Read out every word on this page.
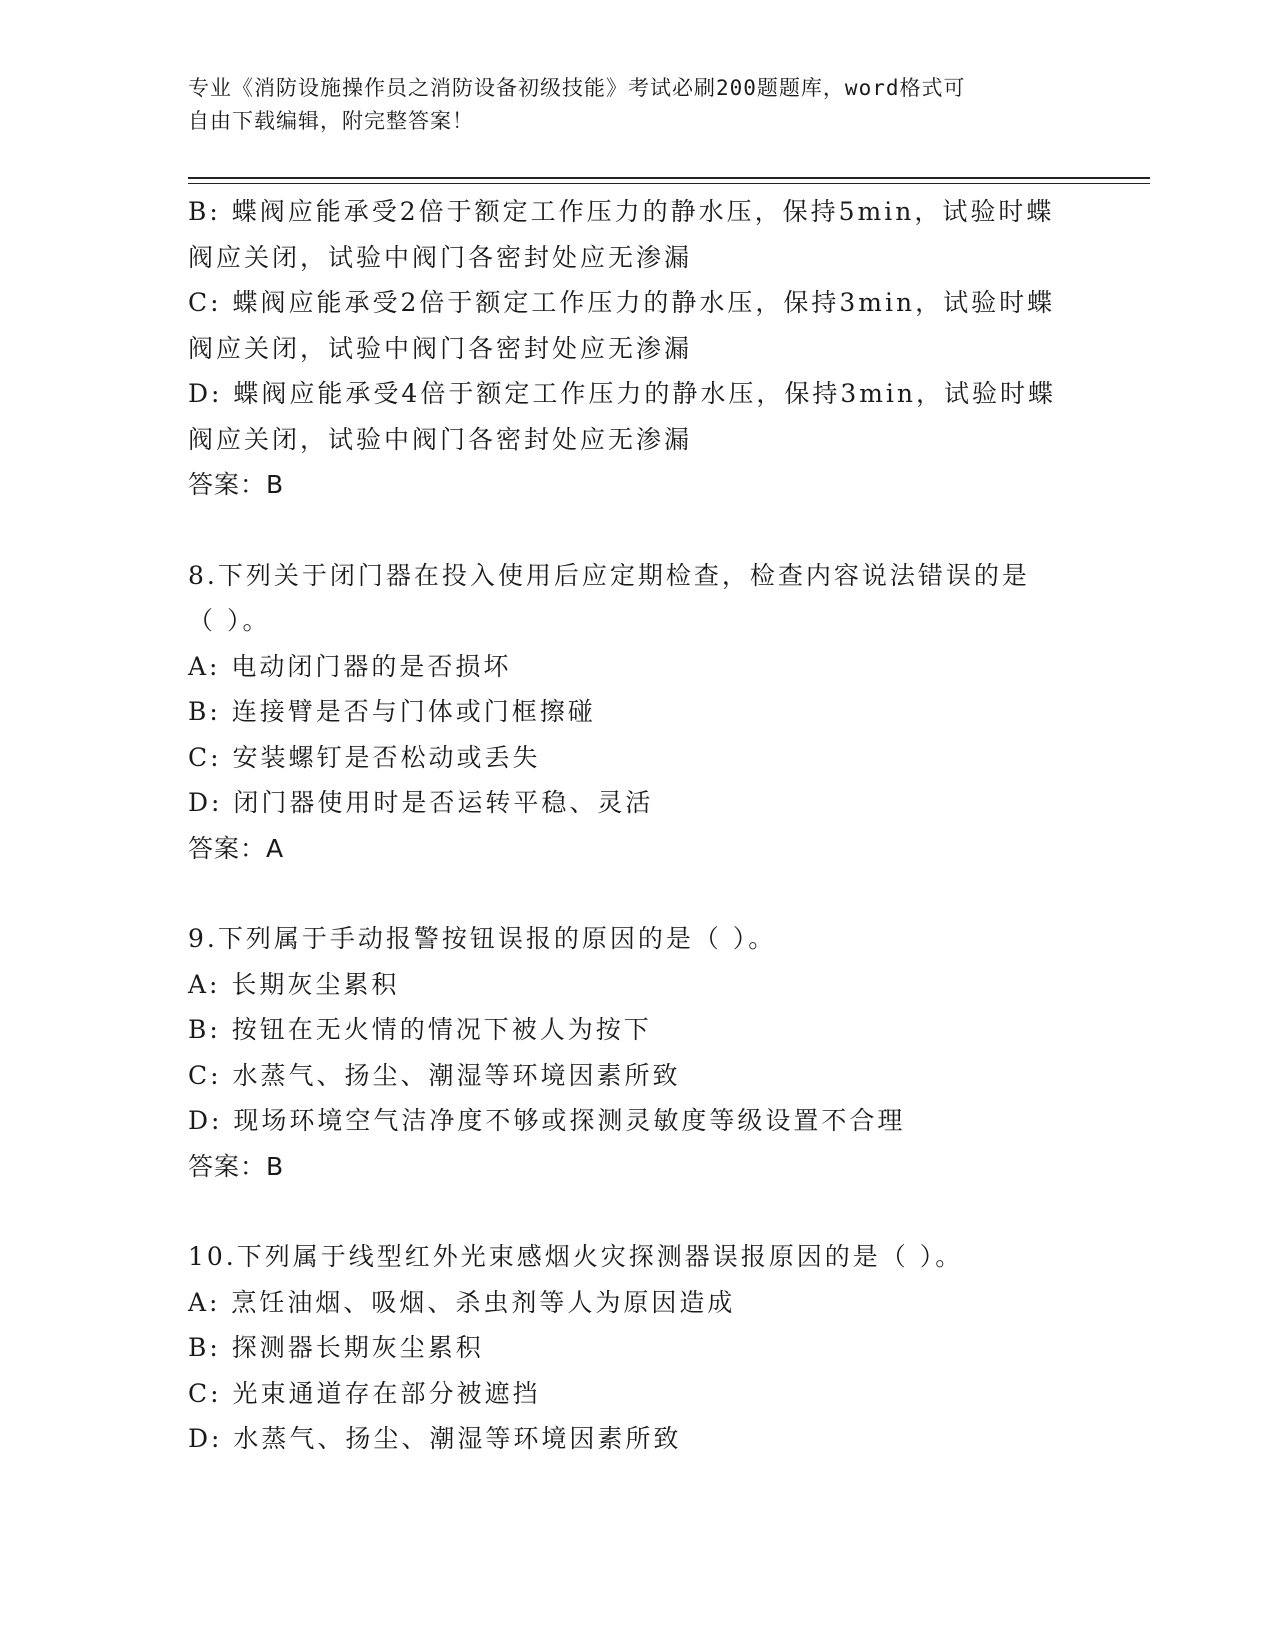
专业《消防设施操作员之消防设备初级技能》考试必刷200题题库，word格式可
自由下载编辑，附完整答案！
B: 蝶阀应能承受2倍于额定工作压力的静水压，保持5min，试验时蝶
阀应关闭，试验中阀门各密封处应无渗漏
C: 蝶阀应能承受2倍于额定工作压力的静水压，保持3min，试验时蝶
阀应关闭，试验中阀门各密封处应无渗漏
D: 蝶阀应能承受4倍于额定工作压力的静水压，保持3min，试验时蝶
阀应关闭，试验中阀门各密封处应无渗漏
答案：B
8.下列关于闭门器在投入使用后应定期检查，检查内容说法错误的是
（ ）。
A: 电动闭门器的是否损坏
B: 连接臂是否与门体或门框擦碰
C: 安装螺钉是否松动或丢失
D: 闭门器使用时是否运转平稳、灵活
答案：A
9.下列属于手动报警按钮误报的原因的是（ ）。
A: 长期灰尘累积
B: 按钮在无火情的情况下被人为按下
C: 水蒸气、扬尘、潮湿等环境因素所致
D: 现场环境空气洁净度不够或探测灵敏度等级设置不合理
答案：B
10.下列属于线型红外光束感烟火灾探测器误报原因的是（ ）。
A: 烹饪油烟、吸烟、杀虫剂等人为原因造成
B: 探测器长期灰尘累积
C: 光束通道存在部分被遮挡
D: 水蒸气、扬尘、潮湿等环境因素所致
